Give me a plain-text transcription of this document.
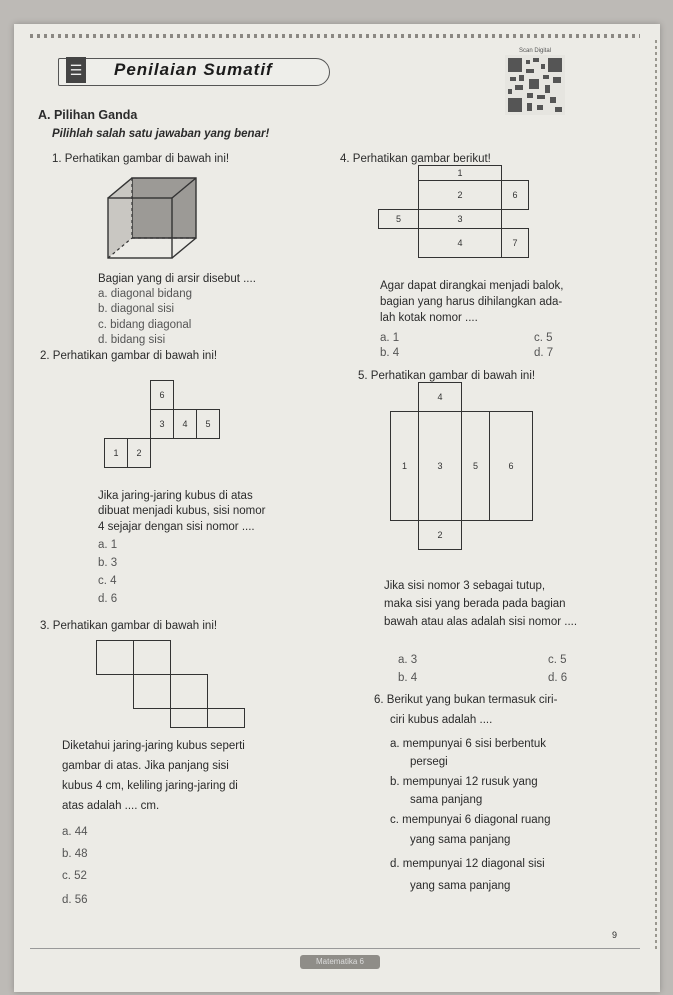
☰ Penilaian Sumatif
Scan Digital
A. Pilihan Ganda
Pilihlah salah satu jawaban yang benar!
1. Perhatikan gambar di bawah ini!
Bagian yang di arsir disebut ....
a. diagonal bidang
b. diagonal sisi
c. bidang diagonal
d. bidang sisi
2. Perhatikan gambar di bawah ini!
6
3	4	5
1	2
Jika jaring-jaring kubus di atas
dibuat menjadi kubus, sisi nomor
4 sejajar dengan sisi nomor ....
a. 1
b. 3
c. 4
d. 6
3. Perhatikan gambar di bawah ini!
Diketahui jaring-jaring kubus seperti
gambar di atas. Jika panjang sisi
kubus 4 cm, keliling jaring-jaring di
atas adalah .... cm.
a. 44
b. 48
c. 52
d. 56
4. Perhatikan gambar berikut!
1
2	6
5	3
4	7
Agar dapat dirangkai menjadi balok,
bagian yang harus dihilangkan ada-
lah kotak nomor ....
a. 1
b. 4
c. 5
d. 7
5. Perhatikan gambar di bawah ini!
4
1	3	5	6
2
Jika sisi nomor 3 sebagai tutup,
maka sisi yang berada pada bagian
bawah atau alas adalah sisi nomor ....
a. 3
b. 4
c. 5
d. 6
6. Berikut yang bukan termasuk ciri-
ciri kubus adalah ....
a. mempunyai 6 sisi berbentuk
persegi
b. mempunyai 12 rusuk yang
sama panjang
c. mempunyai 6 diagonal ruang
yang sama panjang
d. mempunyai 12 diagonal sisi
yang sama panjang
Matematika 6
9
